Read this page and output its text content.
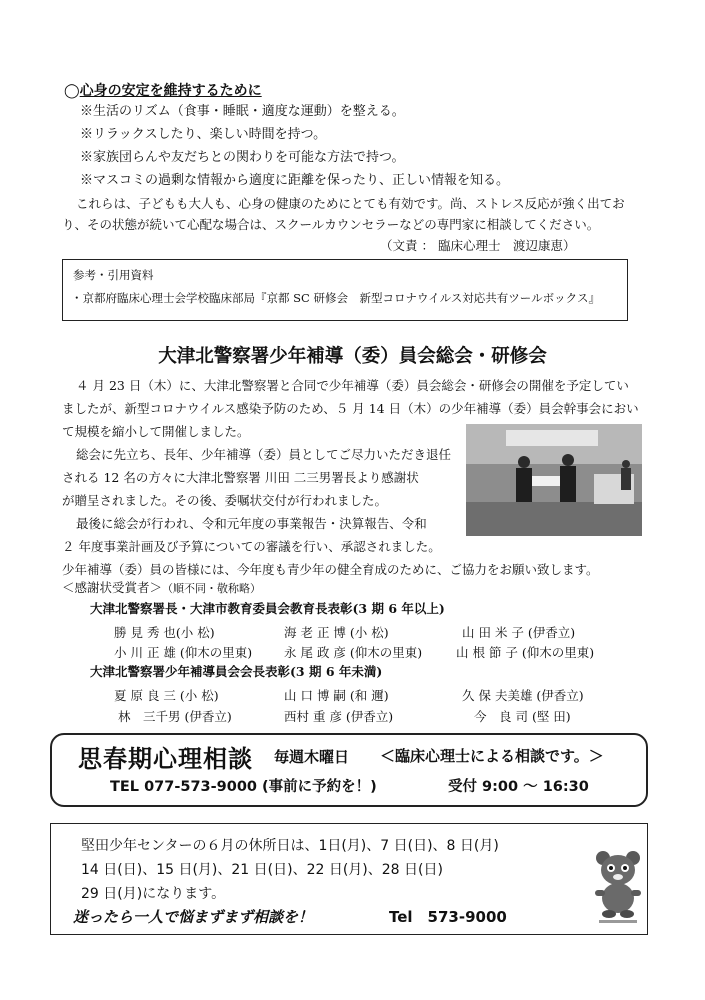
◯心身の安定を維持するために
※生活のリズム（食事・睡眠・適度な運動）を整える。
※リラックスしたり、楽しい時間を持つ。
※家族団らんや友だちとの関わりを可能な方法で持つ。
※マスコミの過剰な情報から適度に距離を保ったり、正しい情報を知る。
これらは、子どもも大人も、心身の健康のためにとても有効です。尚、ストレス反応が強く出てお
り、その状態が続いて心配な場合は、スクールカウンセラーなどの専門家に相談してください。
（文責 ： 臨床心理士　渡辺康恵）
参考・引用資料
・京都府臨床心理士会学校臨床部局『京都 SC 研修会　新型コロナウイルス対応共有ツールボックス』
大津北警察署少年補導（委）員会総会・研修会
４ 月 23 日（木）に、大津北警察署と合同で少年補導（委）員会総会・研修会の開催を予定してい
ましたが、新型コロナウイルス感染予防のため、５ 月 14 日（木）の少年補導（委）員会幹事会におい
て規模を縮小して開催しました。
総会に先立ち、長年、少年補導（委）員としてご尽力いただき退任
される 12 名の方々に大津北警察署 川田 二三男署長より感謝状
が贈呈されました。その後、委嘱状交付が行われました。
最後に総会が行われ、令和元年度の事業報告・決算報告、令和
２ 年度事業計画及び予算についての審議を行い、承認されました。
少年補導（委）員の皆様には、今年度も青少年の健全育成のために、ご協力をお願い致します。
＜感謝状受賞者＞（順不同・敬称略）
大津北警察署長・大津市教育委員会教育長表彰(3 期 6 年以上)
勝 見 秀 也(小 松)	海 老 正 博 (小 松)	山 田 米 子 (伊香立)
小 川 正 雄 (仰木の里東)	永 尾 政 彦 (仰木の里東)	山 根 節 子 (仰木の里東)
大津北警察署少年補導員会会長表彰(3 期 6 年未満)
夏 原 良 三 (小 松)	山 口 博 嗣 (和 邇)	久 保 夫美雄 (伊香立)
林　三千男 (伊香立)	西村 重 彦 (伊香立)	今　良 司 (堅 田)
思春期心理相談 毎週木曜日 ＜臨床心理士による相談です。＞
TEL 077-573-9000 (事前に予約を！)	受付 9:00 ～ 16:30
堅田少年センターの６月の休所日は、1日(月)、7 日(日)、8 日(月)
14 日(日)、15 日(月)、21 日(日)、22 日(月)、28 日(日)
29 日(月)になります。
迷ったら一人で悩まずまず相談を！	Tel　573-9000
